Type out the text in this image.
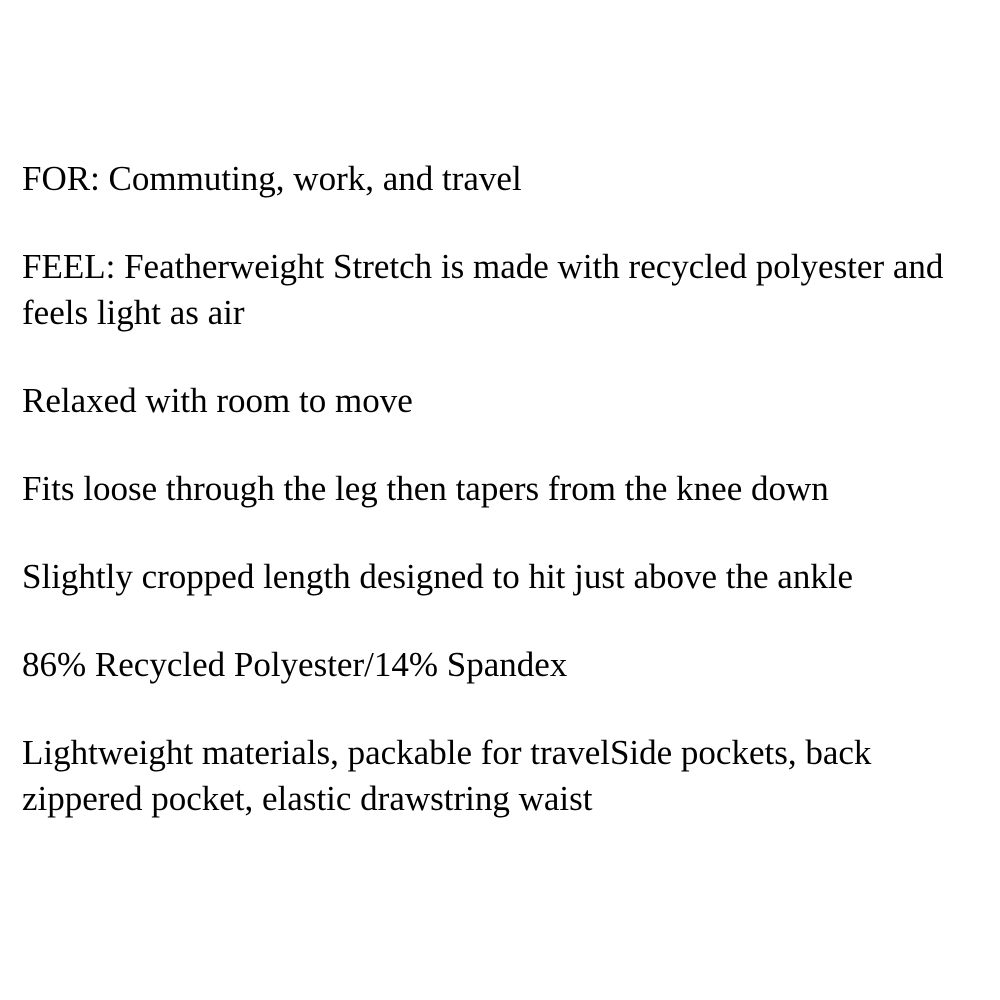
FOR: Commuting, work, and travel

FEEL: Featherweight Stretch is made with recycled polyester and feels light as air

Relaxed with room to move

Fits loose through the leg then tapers from the knee down

Slightly cropped length designed to hit just above the ankle

86% Recycled Polyester/14% Spandex

Lightweight materials, packable for travelSide pockets, back zippered pocket, elastic drawstring waist
